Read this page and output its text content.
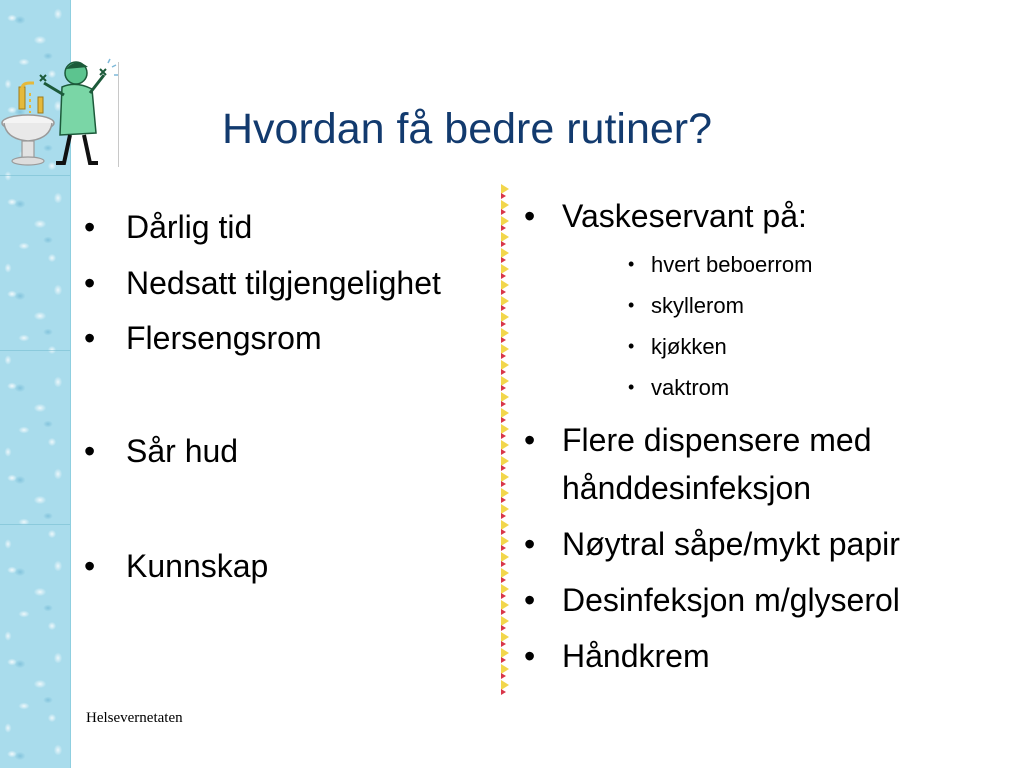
Hvordan få bedre rutiner?
• Dårlig tid
• Nedsatt tilgjengelighet
• Flersengsrom
• Sår hud
• Kunnskap
• Vaskeservant på:
• hvert beboerrom
• skyllerom
• kjøkken
• vaktrom
• Flere dispensere med hånddesinfeksjon
• Nøytral såpe/mykt papir
• Desinfeksjon m/glyserol
• Håndkrem
Helsevernetaten
